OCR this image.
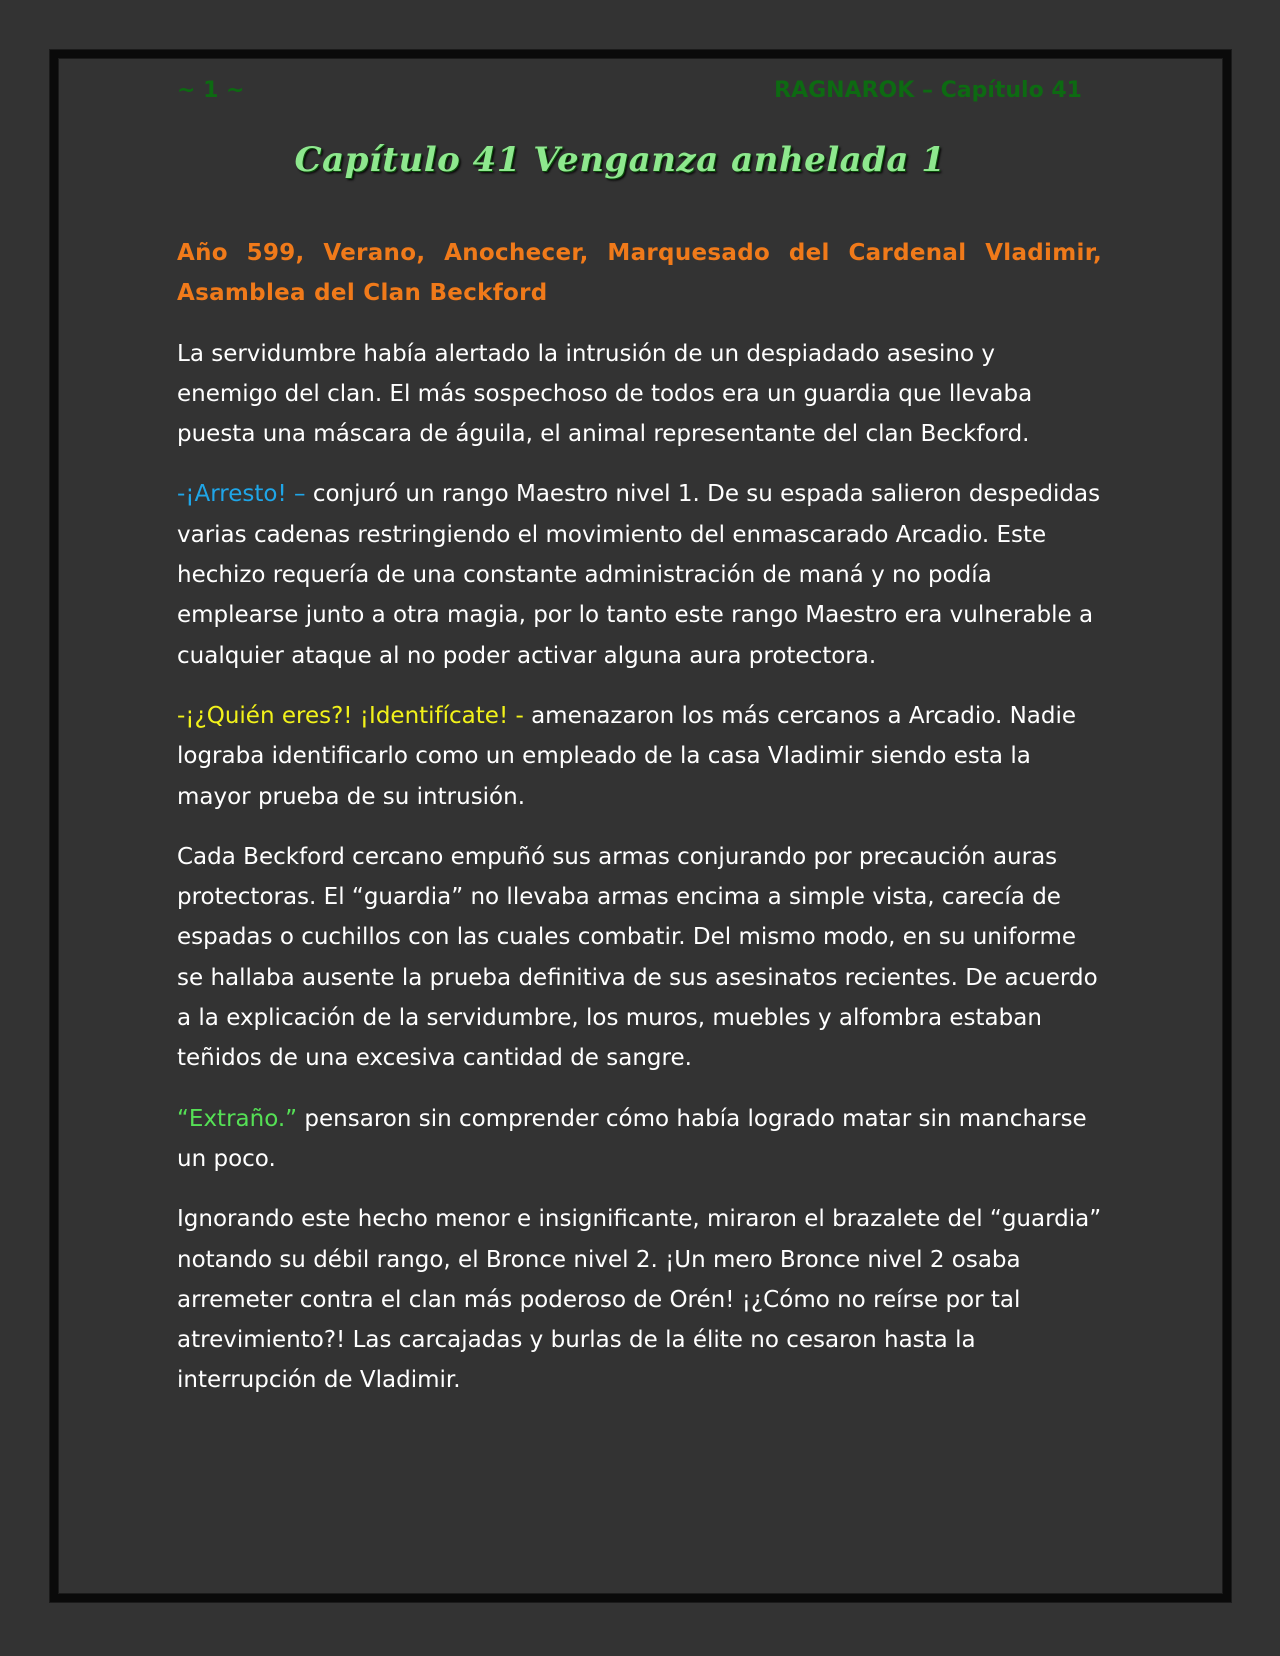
~ 1 ~	RAGNAROK – Capítulo 41
Capítulo 41 Venganza anhelada 1

Año 599, Verano, Anochecer, Marquesado del Cardenal Vladimir, Asamblea del Clan Beckford

La servidumbre había alertado la intrusión de un despiadado asesino y enemigo del clan. El más sospechoso de todos era un guardia que llevaba puesta una máscara de águila, el animal representante del clan Beckford.

-¡Arresto! – conjuró un rango Maestro nivel 1. De su espada salieron despedidas varias cadenas restringiendo el movimiento del enmascarado Arcadio. Este hechizo requería de una constante administración de maná y no podía emplearse junto a otra magia, por lo tanto este rango Maestro era vulnerable a cualquier ataque al no poder activar alguna aura protectora.

-¡¿Quién eres?! ¡Identifícate! - amenazaron los más cercanos a Arcadio. Nadie lograba identificarlo como un empleado de la casa Vladimir siendo esta la mayor prueba de su intrusión.

Cada Beckford cercano empuñó sus armas conjurando por precaución auras protectoras. El “guardia” no llevaba armas encima a simple vista, carecía de espadas o cuchillos con las cuales combatir. Del mismo modo, en su uniforme se hallaba ausente la prueba definitiva de sus asesinatos recientes. De acuerdo a la explicación de la servidumbre, los muros, muebles y alfombra estaban teñidos de una excesiva cantidad de sangre.

“Extraño.” pensaron sin comprender cómo había logrado matar sin mancharse un poco.

Ignorando este hecho menor e insignificante, miraron el brazalete del “guardia” notando su débil rango, el Bronce nivel 2. ¡Un mero Bronce nivel 2 osaba arremeter contra el clan más poderoso de Orén! ¡¿Cómo no reírse por tal atrevimiento?! Las carcajadas y burlas de la élite no cesaron hasta la interrupción de Vladimir.
